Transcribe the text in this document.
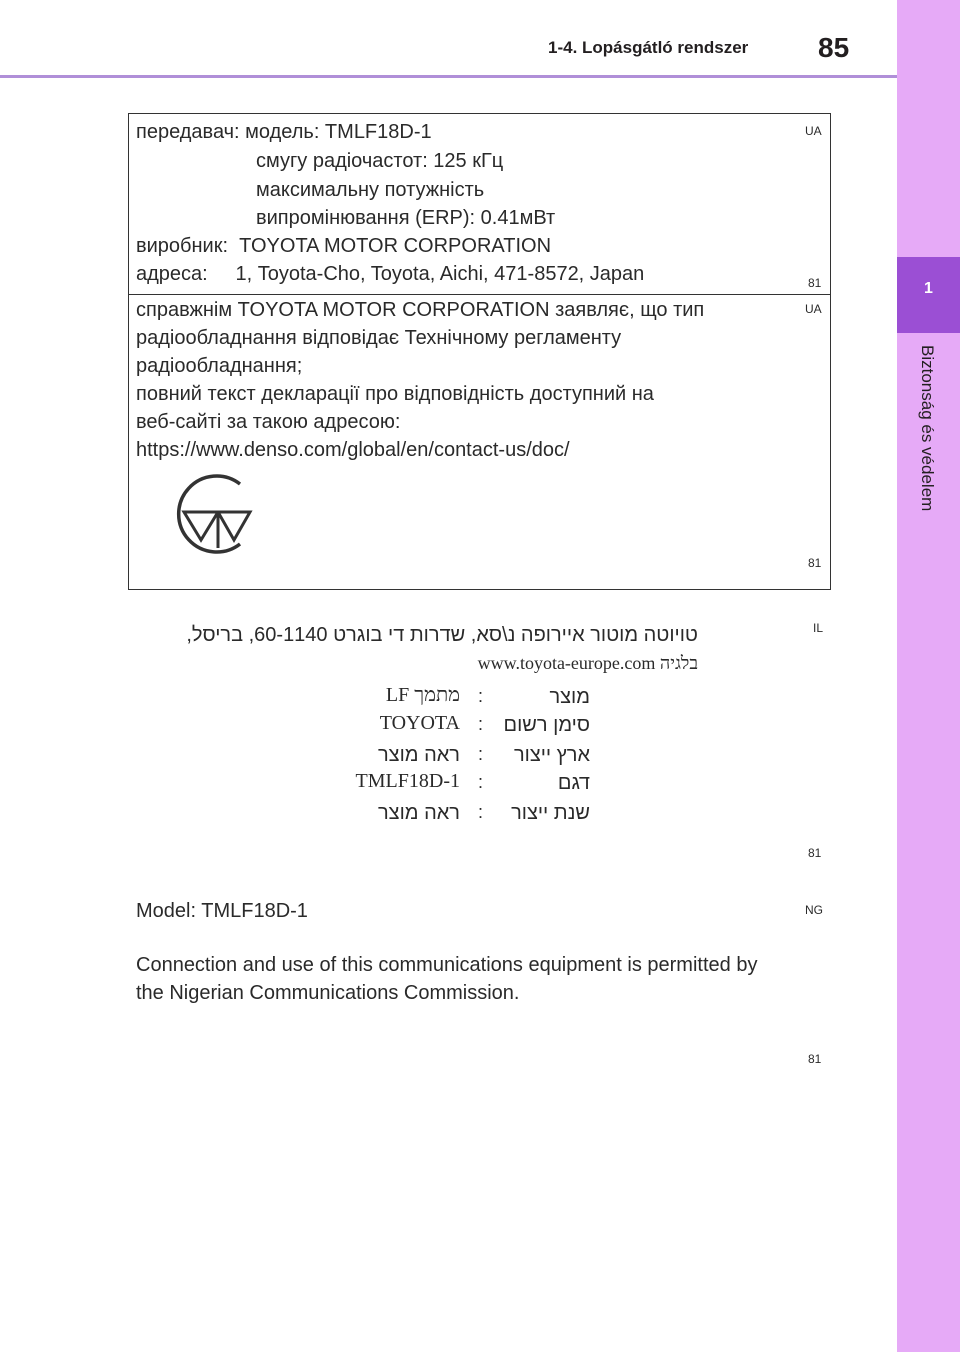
1-4. Lopásgátló rendszer 85
1
Biztonság és védelem
передавач: модель: TMLF18D-1
смугу радіочастот: 125 кГц
максимальну потужність
випромінювання (ERP): 0.41мВт
виробник:  TOYOTA MOTOR CORPORATION
адреса:     1, Toyota-Cho, Toyota, Aichi, 471-8572, Japan
UA
81
справжнім TOYOTA MOTOR CORPORATION заявляє, що тип
радіообладнання відповідає Технічному регламенту
радіообладнання;
повний текст декларації про відповідність доступний на
веб-сайті за такою адресою:
https://www.denso.com/global/en/contact-us/doc/
UA
81
IL
טויוטה מוטור איירופה נ\סא, שדרות די בוגרט 60-1140, בריסל,
בלגיה www.toyota-europe.com
מוצר
:
מתמך LF
סימן רשום
:
TOYOTA
ארץ ייצור
:
ראה מוצר
דגם
:
TMLF18D-1
שנת ייצור
:
ראה מוצר
81
NG
Model: TMLF18D-1
Connection and use of this communications equipment is permitted by
the Nigerian Communications Commission.
81
